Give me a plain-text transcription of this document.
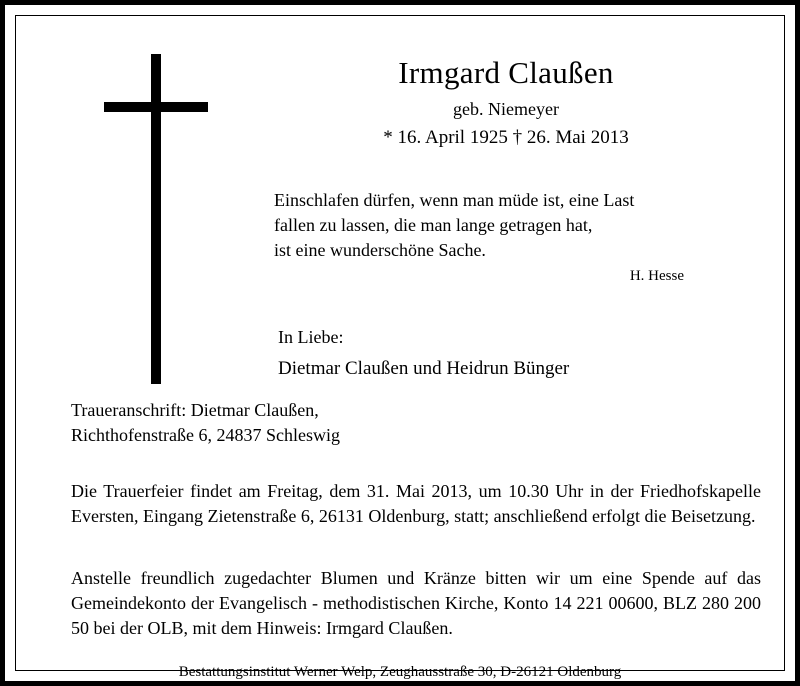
Irmgard Claußen
geb. Niemeyer
* 16. April 1925 † 26. Mai 2013
Einschlafen dürfen, wenn man müde ist, eine Last
fallen zu lassen, die man lange getragen hat,
ist eine wunderschöne Sache.
H. Hesse
In Liebe:
Dietmar Claußen und Heidrun Bünger
Traueranschrift: Dietmar Claußen,
Richthofenstraße 6, 24837 Schleswig
Die Trauerfeier findet am Freitag, dem 31. Mai 2013, um 10.30 Uhr in der Friedhofskapelle Eversten, Eingang Zietenstraße 6, 26131 Oldenburg, statt; anschließend erfolgt die Beisetzung.
Anstelle freundlich zugedachter Blumen und Kränze bitten wir um eine Spende auf das Gemeindekonto der Evangelisch - methodistischen Kirche, Konto 14 221 00600, BLZ 280 200 50 bei der OLB, mit dem Hinweis: Irmgard Claußen.
Bestattungsinstitut Werner Welp, Zeughausstraße 30, D-26121 Oldenburg
